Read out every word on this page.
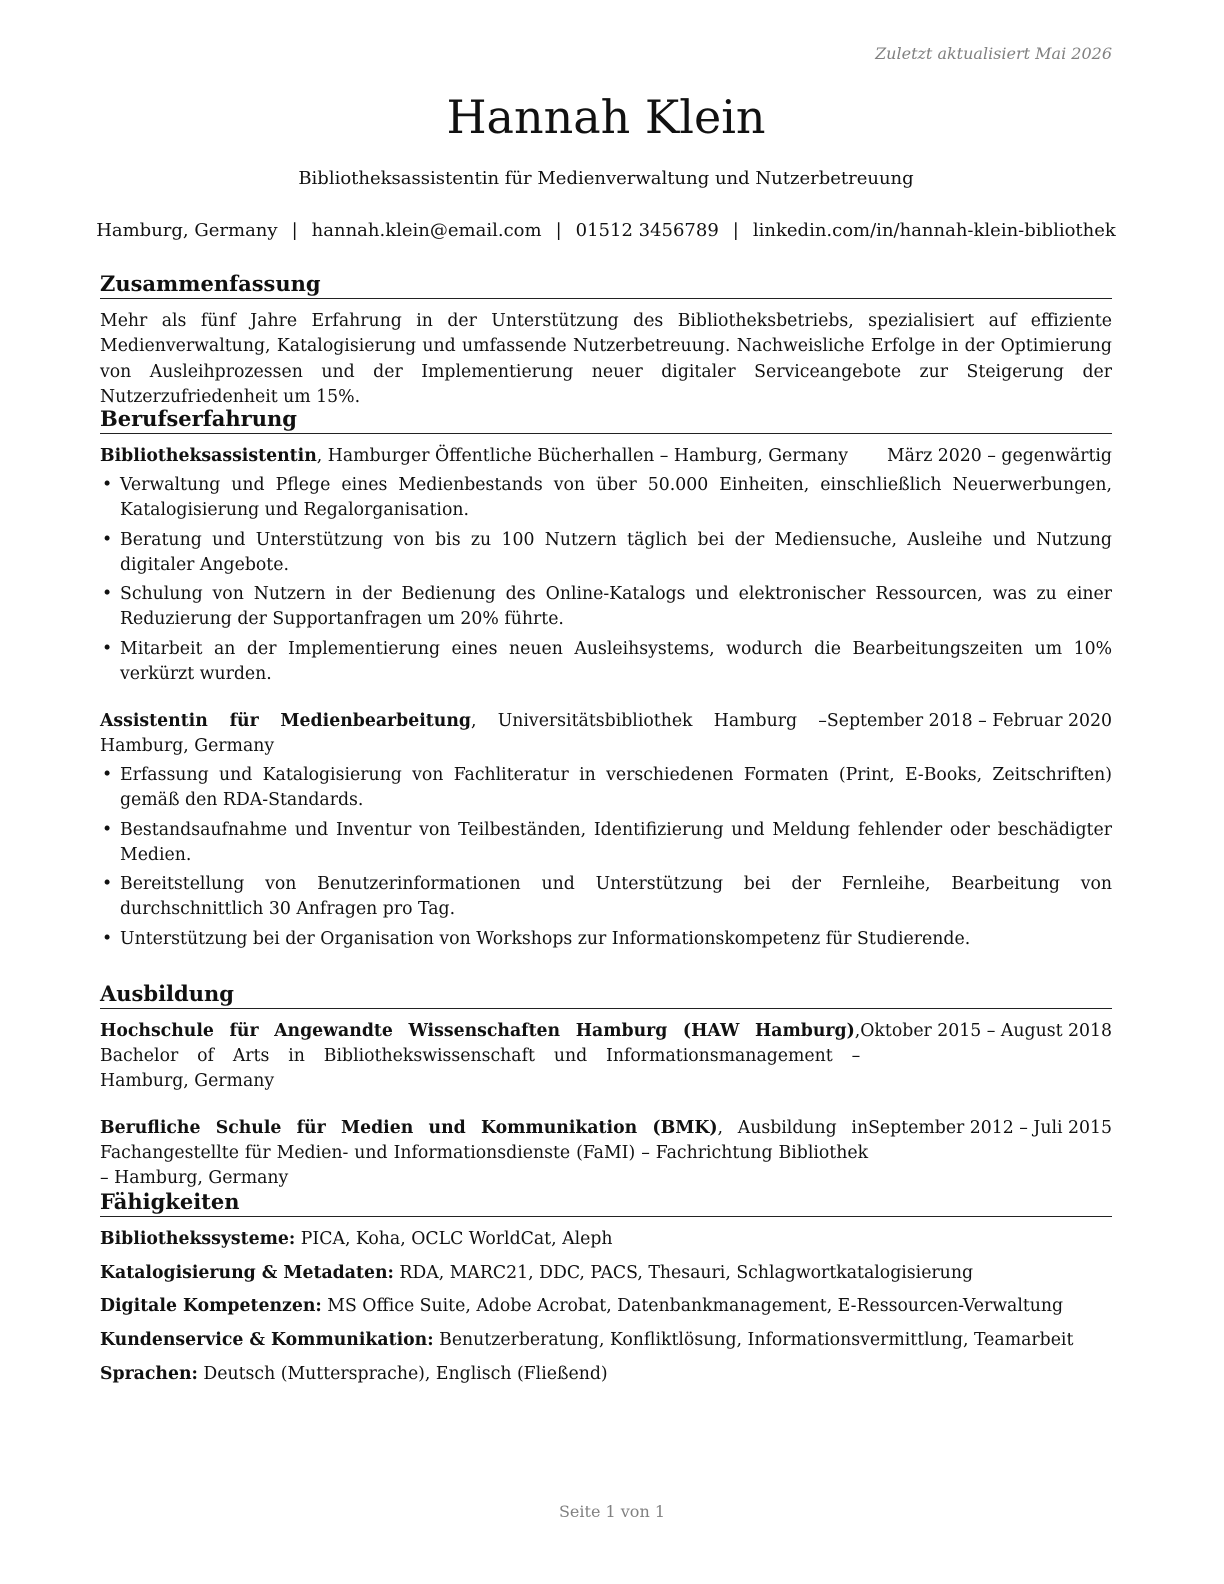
Zuletzt aktualisiert Mai 2026
Hannah Klein
Bibliotheksassistentin für Medienverwaltung und Nutzerbetreuung
Hamburg, Germany | hannah.klein@email.com | 01512 3456789 | linkedin.com/in/hannah-klein-bibliothek
Zusammenfassung

Mehr als fünf Jahre Erfahrung in der Unterstützung des Bibliotheksbetriebs, spezialisiert auf effiziente Medienverwaltung, Katalogisierung und umfassende Nutzerbetreuung. Nachweisliche Erfolge in der Optimierung von Ausleihprozessen und der Implementierung neuer digitaler Serviceangebote zur Steigerung der Nutzerzufriedenheit um 15%.

Berufserfahrung
Bibliotheksassistentin, Hamburger Öffentliche Bücherhallen – Hamburg, Germany	März 2020 – gegenwärtig
• Verwaltung und Pflege eines Medienbestands von über 50.000 Einheiten, einschließlich Neuerwerbungen, Katalogisierung und Regalorganisation.
• Beratung und Unterstützung von bis zu 100 Nutzern täglich bei der Mediensuche, Ausleihe und Nutzung digitaler Angebote.
• Schulung von Nutzern in der Bedienung des Online-Katalogs und elektronischer Ressourcen, was zu einer Reduzierung der Supportanfragen um 20% führte.
• Mitarbeit an der Implementierung eines neuen Ausleihsystems, wodurch die Bearbeitungszeiten um 10% verkürzt wurden.
Assistentin für Medienbearbeitung, Universitätsbibliothek Hamburg – Hamburg, Germany
September 2018 – Februar 2020
• Erfassung und Katalogisierung von Fachliteratur in verschiedenen Formaten (Print, E-Books, Zeitschriften) gemäß den RDA-Standards.
• Bestandsaufnahme und Inventur von Teilbeständen, Identifizierung und Meldung fehlender oder beschädigter Medien.
• Bereitstellung von Benutzerinformationen und Unterstützung bei der Fernleihe, Bearbeitung von durchschnittlich 30 Anfragen pro Tag.
• Unterstützung bei der Organisation von Workshops zur Informationskompetenz für Studierende.
Ausbildung
Hochschule für Angewandte Wissenschaften Hamburg (HAW Hamburg), Bachelor of Arts in Bibliothekswissenschaft und Informationsmanagement – Hamburg, Germany
Oktober 2015 – August 2018
Berufliche Schule für Medien und Kommunikation (BMK), Ausbildung in Fachangestellte für Medien- und Informationsdienste (FaMI) – Fachrichtung Bibliothek – Hamburg, Germany
September 2012 – Juli 2015
Fähigkeiten
Bibliothekssysteme: PICA, Koha, OCLC WorldCat, Aleph
Katalogisierung & Metadaten: RDA, MARC21, DDC, PACS, Thesauri, Schlagwortkatalogisierung
Digitale Kompetenzen: MS Office Suite, Adobe Acrobat, Datenbankmanagement, E-Ressourcen-Verwaltung
Kundenservice & Kommunikation: Benutzerberatung, Konfliktlösung, Informationsvermittlung, Teamarbeit
Sprachen: Deutsch (Muttersprache), Englisch (Fließend)
Seite 1 von 1
